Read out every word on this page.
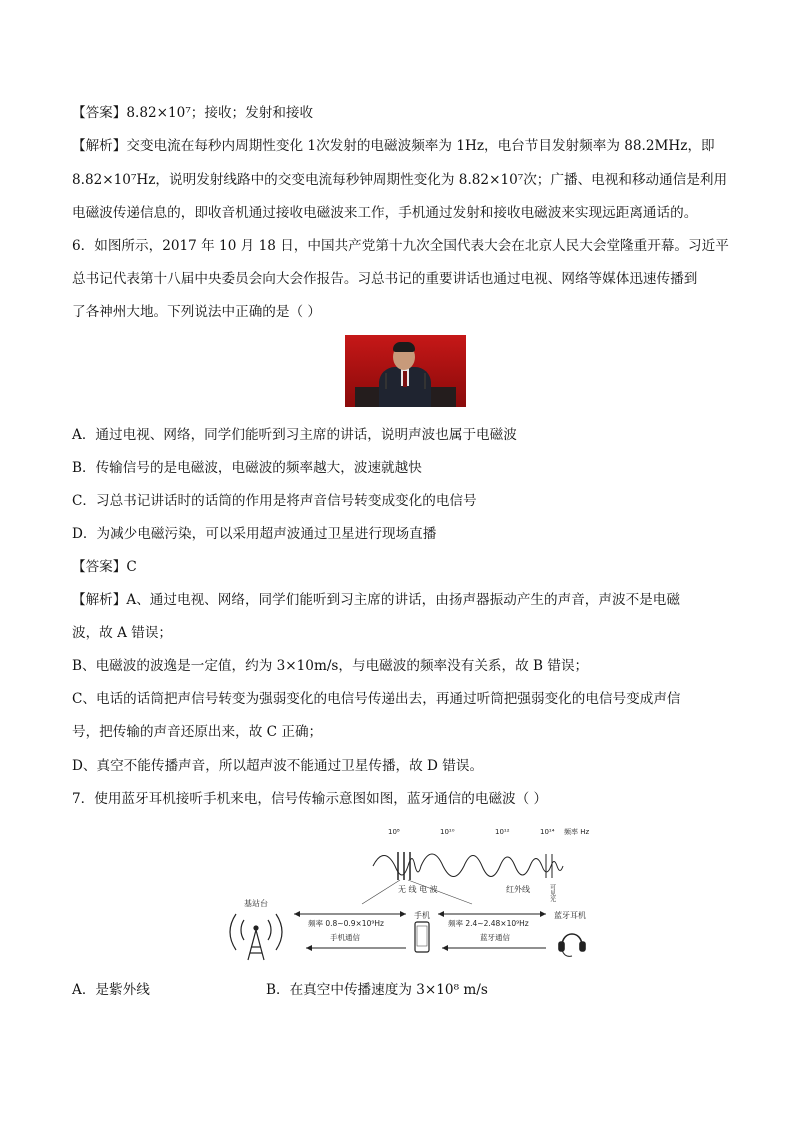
【答案】8.82×10⁷；接收；发射和接收
【解析】交变电流在每秒内周期性变化 1次发射的电磁波频率为 1Hz，电台节目发射频率为 88.2MHz，即
8.82×10⁷Hz，说明发射线路中的交变电流每秒钟周期性变化为 8.82×10⁷次；广播、电视和移动通信是利用
电磁波传递信息的，即收音机通过接收电磁波来工作，手机通过发射和接收电磁波来实现远距离通话的。
6．如图所示，2017 年 10 月 18 日，中国共产党第十九次全国代表大会在北京人民大会堂隆重开幕。习近平
总书记代表第十八届中央委员会向大会作报告。习总书记的重要讲话也通过电视、网络等媒体迅速传播到
了各神州大地。下列说法中正确的是（ ）
A．通过电视、网络，同学们能听到习主席的讲话，说明声波也属于电磁波
B．传输信号的是电磁波，电磁波的频率越大，波速就越快
C．习总书记讲话时的话筒的作用是将声音信号转变成变化的电信号
D．为减少电磁污染，可以采用超声波通过卫星进行现场直播
【答案】C
【解析】A、通过电视、网络，同学们能听到习主席的讲话，由扬声器振动产生的声音，声波不是电磁
波，故 A 错误；
B、电磁波的波逸是一定值，约为 3×10m/s，与电磁波的频率没有关系，故 B 错误；
C、电话的话筒把声信号转变为强弱变化的电信号传递出去，再通过听筒把强弱变化的电信号变成声信
号，把传输的声音还原出来，故 C 正确；
D、真空不能传播声音，所以超声波不能通过卫星传播，故 D 错误。
7．使用蓝牙耳机接听手机来电，信号传输示意图如图，蓝牙通信的电磁波（ ）
10⁸	10¹⁰	10¹²	10¹⁴ 频率 Hz
无 线 电 波	红外线	可见光
基站台
手机	蓝牙耳机
频率 0.8~0.9×10⁹Hz
手机通信
频率 2.4~2.48×10⁹Hz
蓝牙通信
A．是紫外线	B．在真空中传播速度为 3×10⁸ m/s
